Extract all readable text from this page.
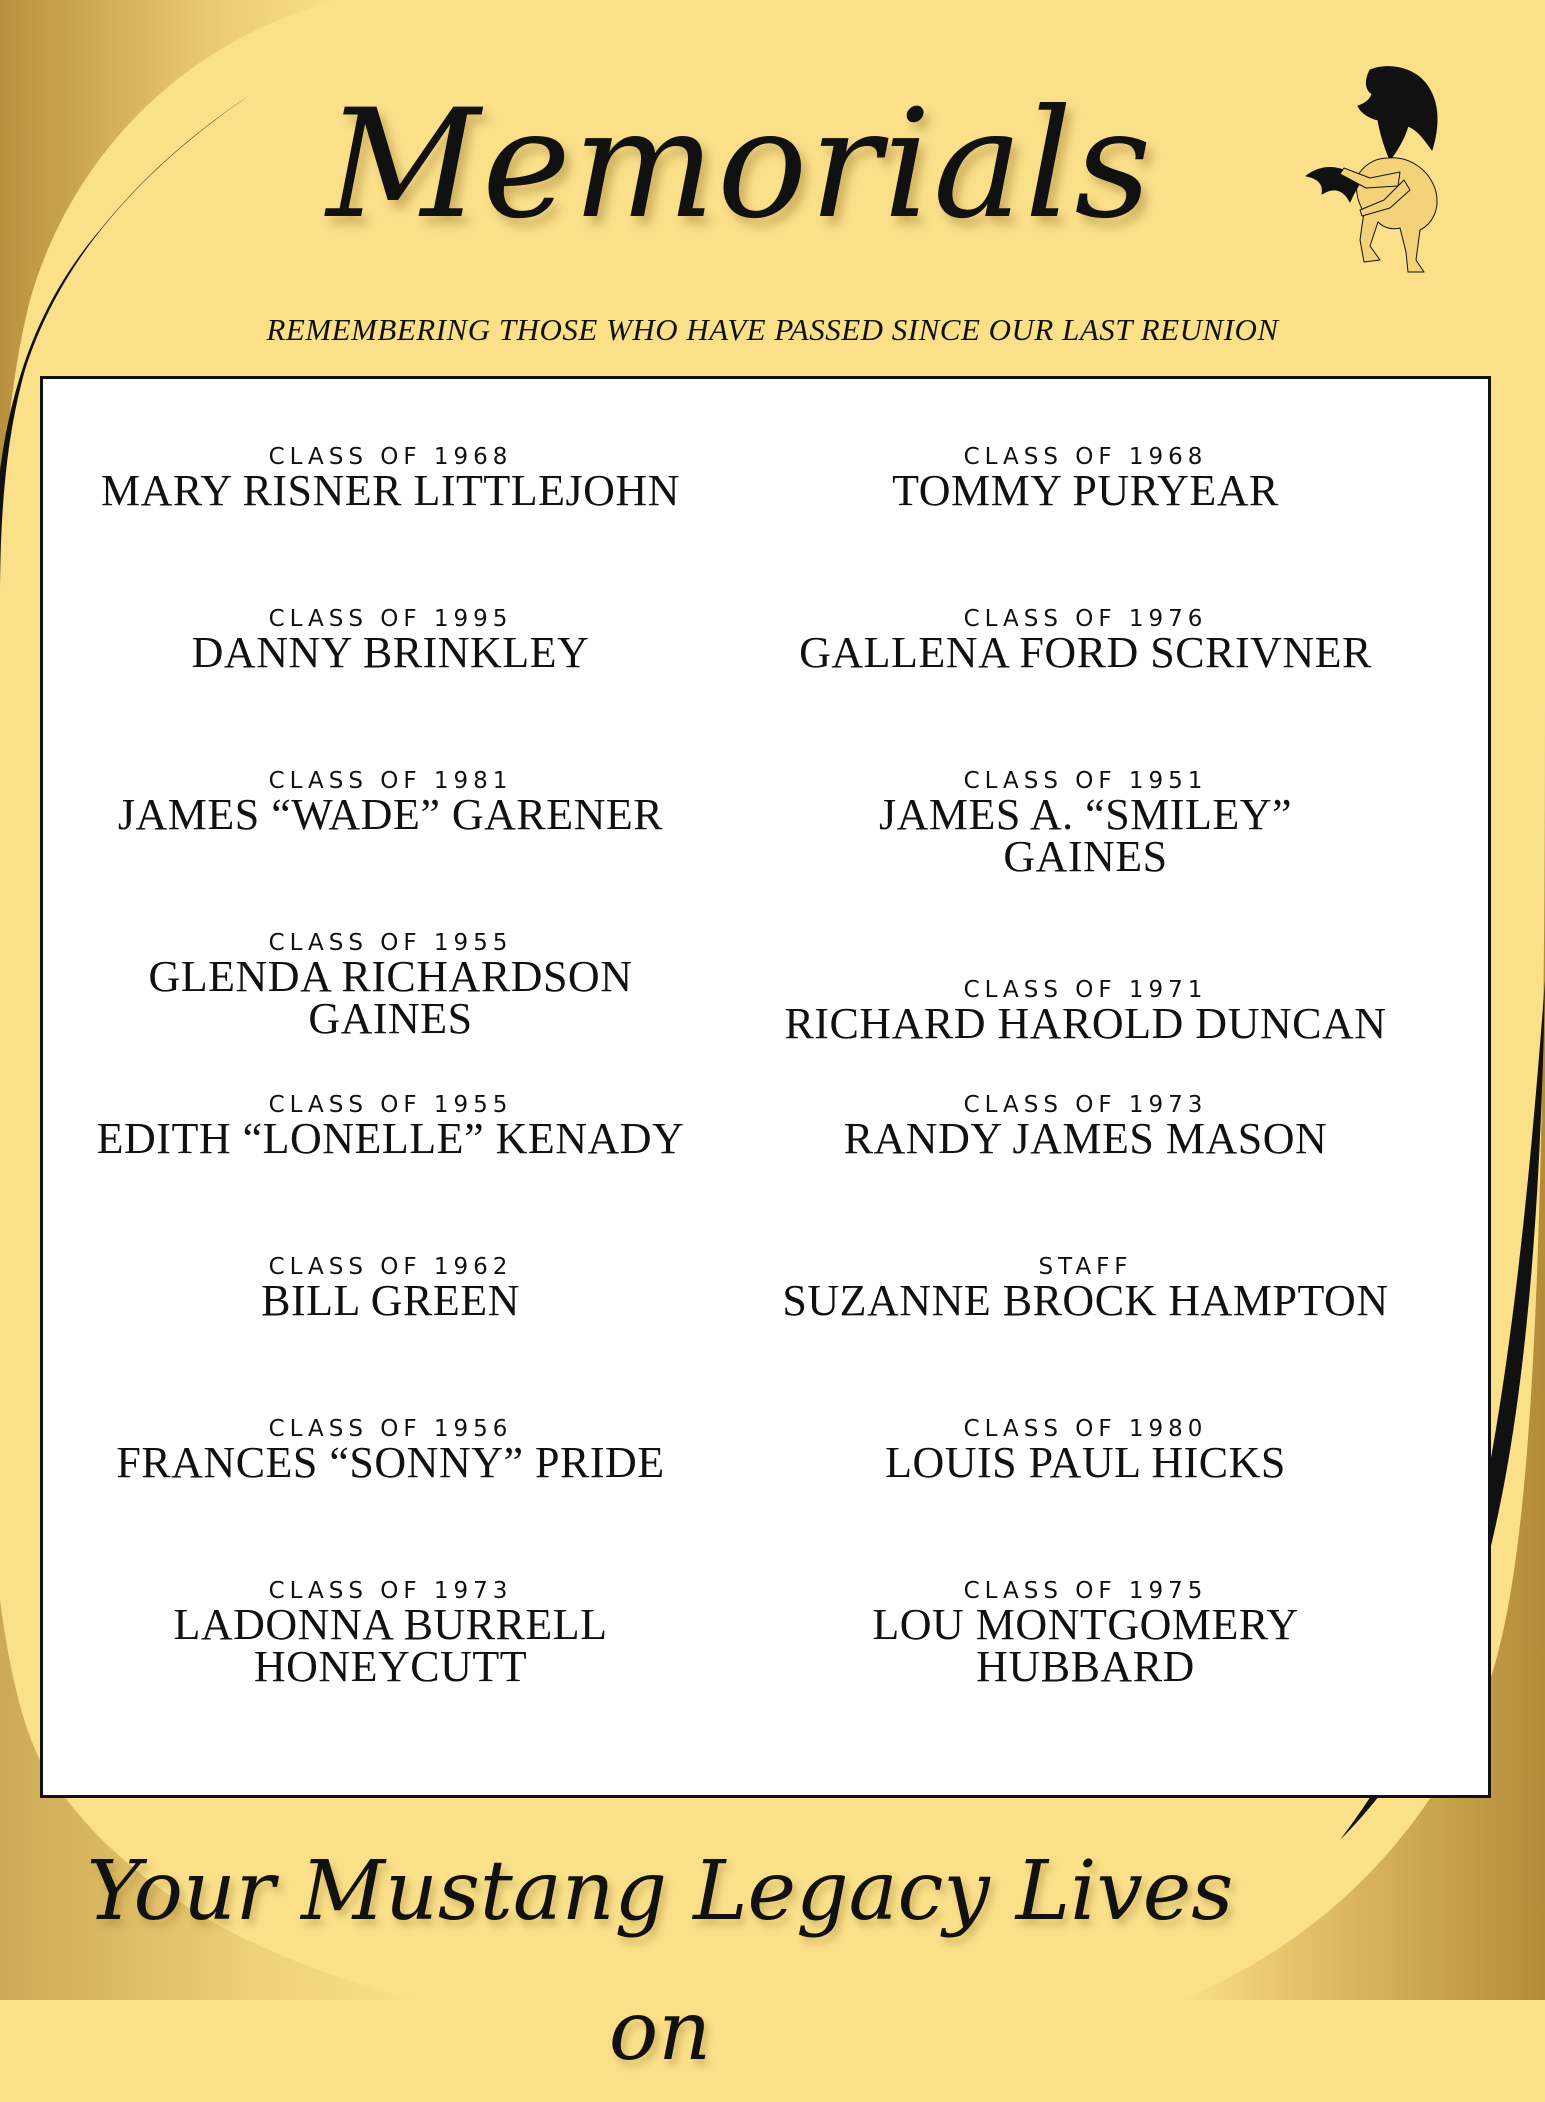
Memorials
REMEMBERING THOSE WHO HAVE PASSED SINCE OUR LAST REUNION
CLASS OF 1968
MARY RISNER LITTLEJOHN
CLASS OF 1995
DANNY BRINKLEY
CLASS OF 1981
JAMES “WADE” GARENER
CLASS OF 1955
GLENDA RICHARDSON GAINES
CLASS OF 1955
EDITH “LONELLE” KENADY
CLASS OF 1962
BILL GREEN
CLASS OF 1956
FRANCES “SONNY” PRIDE
CLASS OF 1973
LADONNA BURRELL HONEYCUTT
CLASS OF 1968
TOMMY PURYEAR
CLASS OF 1976
GALLENA FORD SCRIVNER
CLASS OF 1951
JAMES A. “SMILEY” GAINES
CLASS OF 1971
RICHARD HAROLD DUNCAN
CLASS OF 1973
RANDY JAMES MASON
STAFF
SUZANNE BROCK HAMPTON
CLASS OF 1980
LOUIS PAUL HICKS
CLASS OF 1975
LOU MONTGOMERY HUBBARD
Your Mustang Legacy Lives on
